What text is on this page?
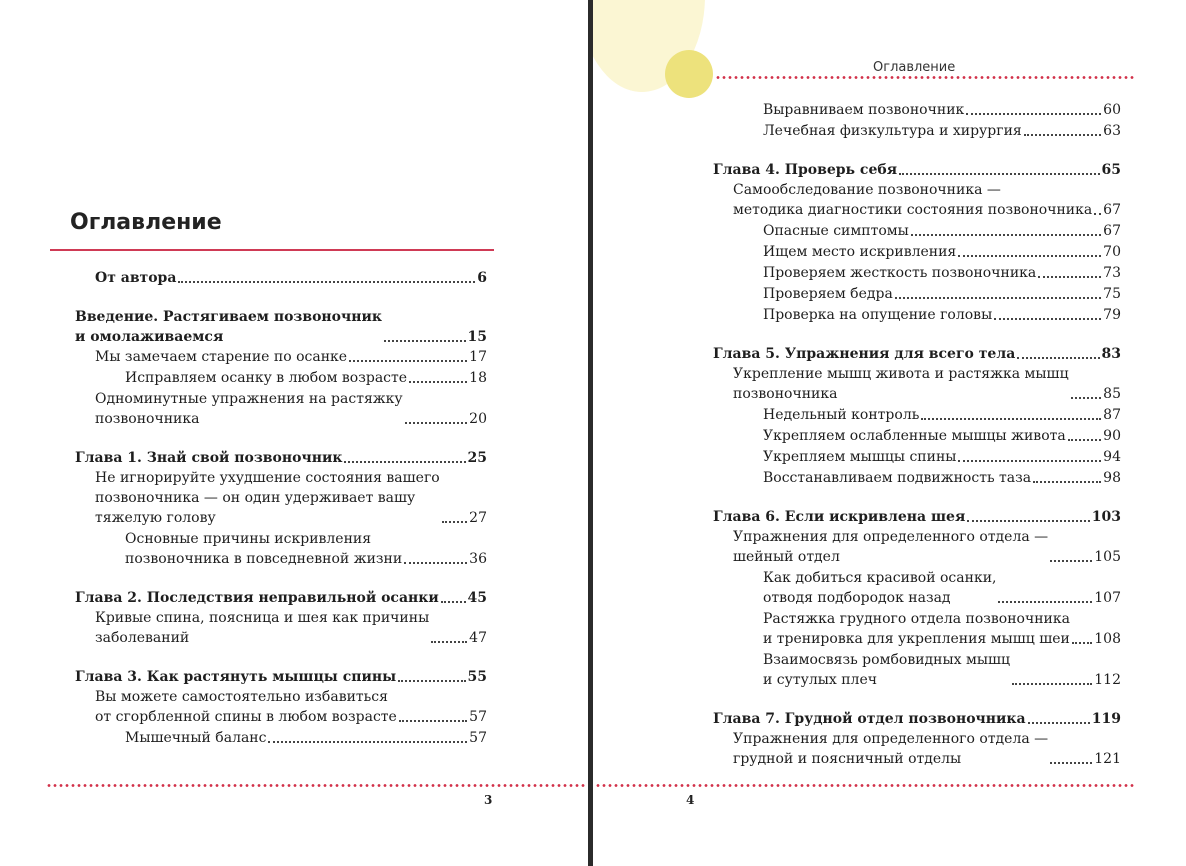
Оглавление
От автора	6
Введение. Растягиваем позвоночник
и омолаживаемся	15
Мы замечаем старение по осанке	17
Исправляем осанку в любом возрасте	18
Одноминутные упражнения на растяжку
позвоночника	20
Глава 1. Знай свой позвоночник	25
Не игнорируйте ухудшение состояния вашего
позвоночника — он один удерживает вашу
тяжелую голову	27
Основные причины искривления
позвоночника в повседневной жизни	36
Глава 2. Последствия неправильной осанки 45
Кривые спина, поясница и шея как причины
заболеваний	47
Глава 3. Как растянуть мышцы спины	55
Вы можете самостоятельно избавиться
от сгорбленной спины в любом возрасте	57
Мышечный баланс	57
3
Оглавление
Выравниваем позвоночник	60
Лечебная физкультура и хирургия	63
Глава 4. Проверь себя	65
Самообследование позвоночника —
методика диагностики состояния позвоночника 67
Опасные симптомы	67
Ищем место искривления	70
Проверяем жесткость позвоночника	73
Проверяем бедра	75
Проверка на опущение головы	79
Глава 5. Упражнения для всего тела	83
Укрепление мышц живота и растяжка мышц
позвоночника	85
Недельный контроль	87
Укрепляем ослабленные мышцы живота	90
Укрепляем мышцы спины	94
Восстанавливаем подвижность таза	98
Глава 6. Если искривлена шея	103
Упражнения для определенного отдела —
шейный отдел	105
Как добиться красивой осанки,
отводя подбородок назад	107
Растяжка грудного отдела позвоночника
и тренировка для укрепления мышц шеи 108
Взаимосвязь ромбовидных мышц
и сутулых плеч	112
Глава 7. Грудной отдел позвоночника	119
Упражнения для определенного отдела —
грудной и поясничный отделы	121
4
